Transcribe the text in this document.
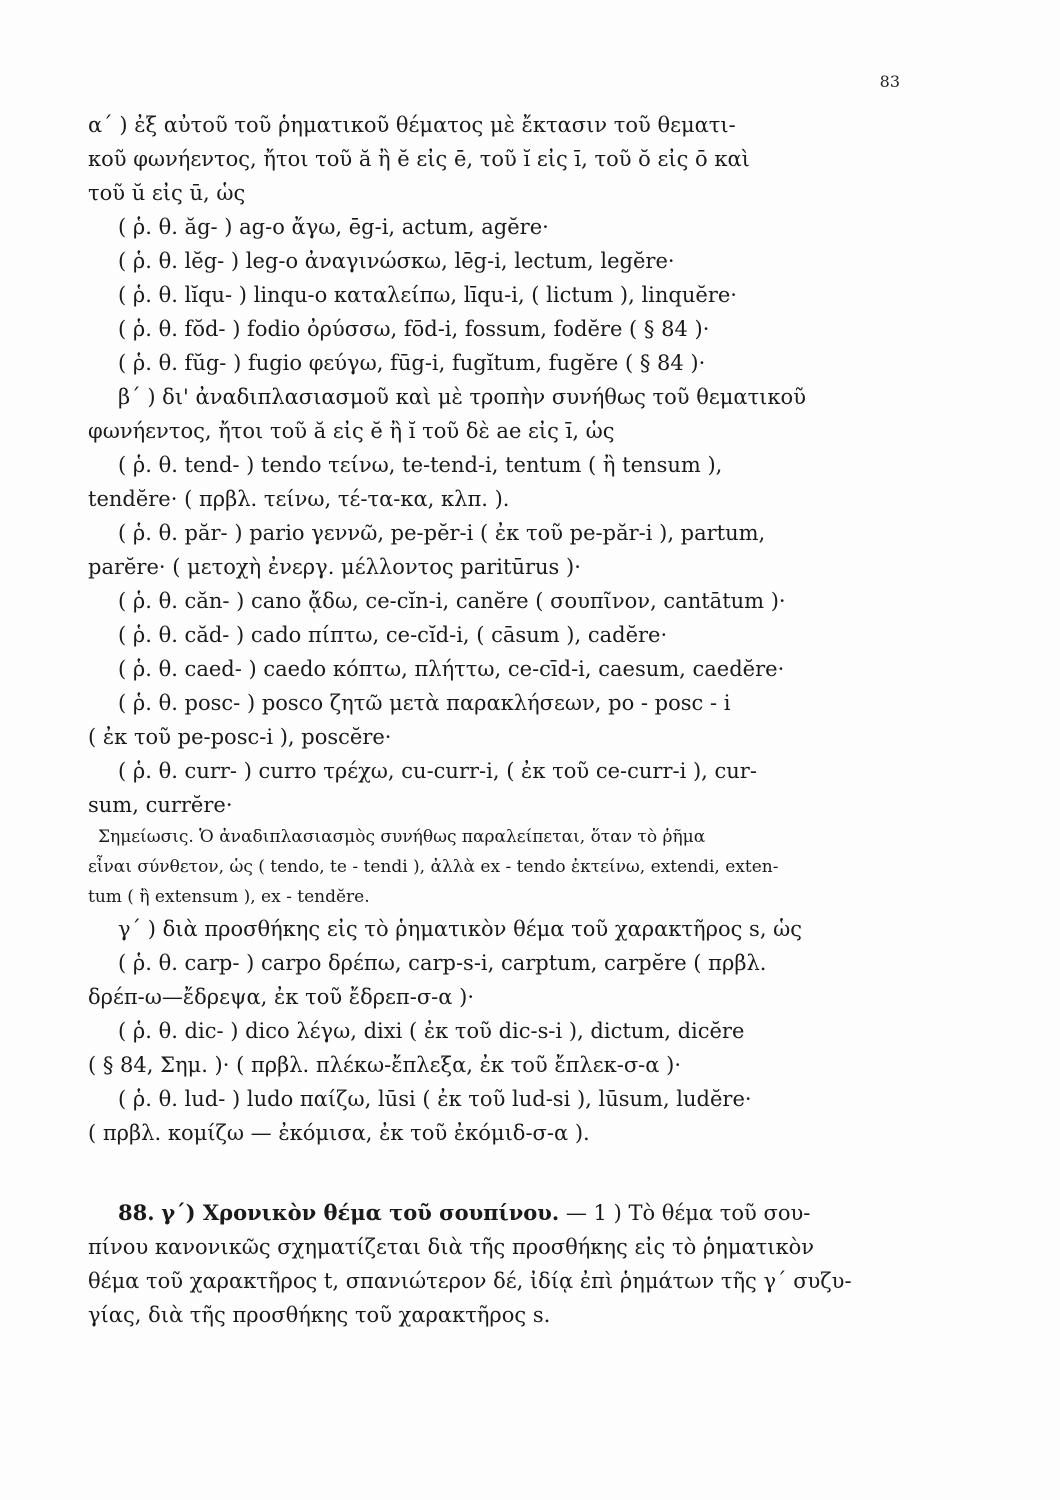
83
α΄ ) ἐξ αὐτοῦ τοῦ ῥηματικοῦ θέματος μὲ ἔκτασιν τοῦ θεματι-
κοῦ φωνήεντος, ἤτοι τοῦ ă ἢ ĕ εἰς ē, τοῦ ĭ εἰς ī, τοῦ ŏ εἰς ō καὶ
τοῦ ŭ εἰς ū, ὡς
( ῥ. θ. ăg- ) ag-o ἄγω, ēg-i, actum, agĕre·
( ῥ. θ. lĕg- ) leg-o ἀναγινώσκω, lēg-i, lectum, legĕre·
( ῥ. θ. lĭqu- ) linqu-o καταλείπω, līqu-i, ( lictum ), linquĕre·
( ῥ. θ. fŏd- ) fodio ὀρύσσω, fōd-i, fossum, fodĕre ( § 84 )·
( ῥ. θ. fŭg- ) fugio φεύγω, fūg-i, fugĭtum, fugĕre ( § 84 )·
β΄ ) δι' ἀναδιπλασιασμοῦ καὶ μὲ τροπὴν συνήθως τοῦ θεματικοῦ
φωνήεντος, ἤτοι τοῦ ă εἰς ĕ ἢ ĭ τοῦ δὲ ae εἰς ī, ὡς
( ῥ. θ. tend- ) tendo τείνω, te-tend-i, tentum ( ἢ tensum ),
tendĕre· ( πρβλ. τείνω, τέ-τα-κα, κλπ. ).
( ῥ. θ. păr- ) pario γεννῶ, pe-pĕr-i ( ἐκ τοῦ pe-păr-i ), partum,
parĕre· ( μετοχὴ ἐνεργ. μέλλοντος paritūrus )·
( ῥ. θ. căn- ) cano ᾄδω, ce-cĭn-i, canĕre ( σουπῖνον, cantātum )·
( ῥ. θ. căd- ) cado πίπτω, ce-cĭd-i, ( cāsum ), cadĕre·
( ῥ. θ. caed- ) caedo κόπτω, πλήττω, ce-cīd-i, caesum, caedĕre·
( ῥ. θ. posc- ) posco ζητῶ μετὰ παρακλήσεων, po - posc - i
( ἐκ τοῦ pe-posc-i ), poscĕre·
( ῥ. θ. curr- ) curro τρέχω, cu-curr-i, ( ἐκ τοῦ ce-curr-i ), cur-
sum, currĕre·
Σημείωσις. Ὁ ἀναδιπλασιασμὸς συνήθως παραλείπεται, ὅταν τὸ ῥῆμα
εἶναι σύνθετον, ὡς ( tendo, te - tendi ), ἀλλὰ ex - tendo ἐκτείνω, extendi, exten-
tum ( ἢ extensum ), ex - tendĕre.
γ΄ ) διὰ προσθήκης εἰς τὸ ῥηματικὸν θέμα τοῦ χαρακτῆρος s, ὡς
( ῥ. θ. carp- ) carpo δρέπω, carp-s-i, carptum, carpĕre ( πρβλ.
δρέπ-ω—ἔδρεψα, ἐκ τοῦ ἔδρεπ-σ-α )·
( ῥ. θ. dic- ) dico λέγω, dixi ( ἐκ τοῦ dic-s-i ), dictum, dicĕre
( § 84, Σημ. )· ( πρβλ. πλέκω-ἔπλεξα, ἐκ τοῦ ἔπλεκ-σ-α )·
( ῥ. θ. lud- ) ludo παίζω, lūsi ( ἐκ τοῦ lud-si ), lūsum, ludĕre·
( πρβλ. κομίζω — ἐκόμισα, ἐκ τοῦ ἐκόμιδ-σ-α ).
88. γ΄) Χρονικὸν θέμα τοῦ σουπίνου. — 1 ) Τὸ θέμα τοῦ σου-
πίνου κανονικῶς σχηματίζεται διὰ τῆς προσθήκης εἰς τὸ ῥηματικὸν
θέμα τοῦ χαρακτῆρος t, σπανιώτερον δέ, ἰδίᾳ ἐπὶ ῥημάτων τῆς γ΄ συζυ-
γίας, διὰ τῆς προσθήκης τοῦ χαρακτῆρος s.
